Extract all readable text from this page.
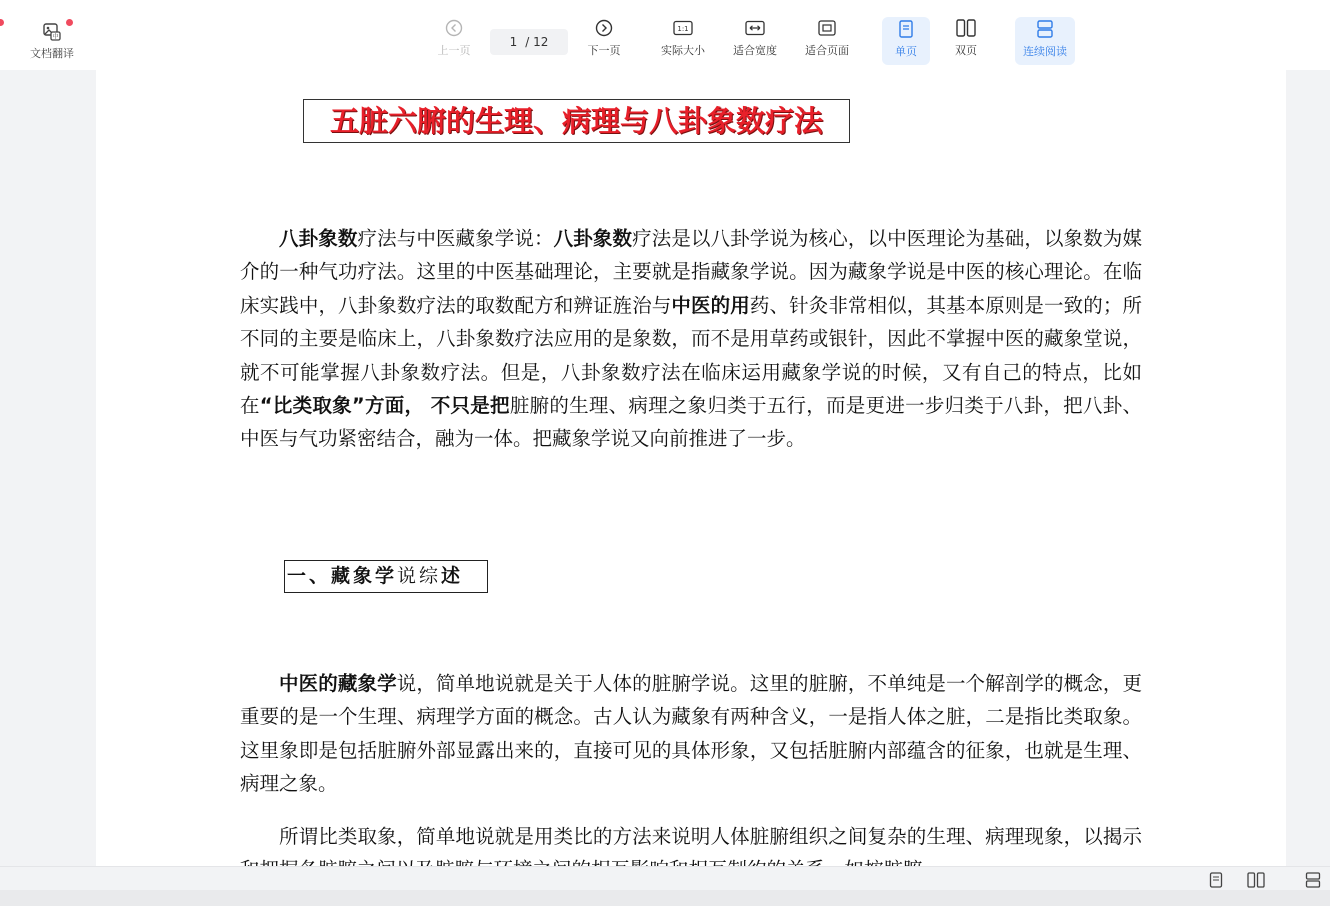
中
文档翻译	上一页
1 / 12
下一页
1:1
实际大小	适合宽度	适合页面	单页	双页	连续阅读
五脏六腑的生理、病理与八卦象数疗法

八卦象数疗法与中医藏象学说：八卦象数疗法是以八卦学说为核心，以中医理论为基础，以象数为媒介的一种气功疗法。这里的中医基础理论，主要就是指藏象学说。因为藏象学说是中医的核心理论。在临床实践中，八卦象数疗法的取数配方和辨证旌治与中医的用药、针灸非常相似，其基本原则是一致的；所不同的主要是临床上，八卦象数疗法应用的是象数，而不是用草药或银针，因此不掌握中医的藏象堂说，就不可能掌握八卦象数疗法。但是，八卦象数疗法在临床运用藏象学说的时候，又有自己的特点，比如在“比类取象”方面， 不只是把脏腑的生理、病理之象归类于五行，而是更进一步归类于八卦，把八卦、中医与气功紧密结合，融为一体。把藏象学说又向前推进了一步。

一、藏象学说综述

中医的藏象学说，简单地说就是关于人体的脏腑学说。这里的脏腑，不单纯是一个解剖学的概念，更重要的是一个生理、病理学方面的概念。古人认为藏象有两种含义，一是指人体之脏，二是指比类取象。这里象即是包括脏腑外部显露出来的，直接可见的具体形象，又包括脏腑内部蕴含的征象，也就是生理、病理之象。

所谓比类取象，简单地说就是用类比的方法来说明人体脏腑组织之间复杂的生理、病理现象，以揭示
